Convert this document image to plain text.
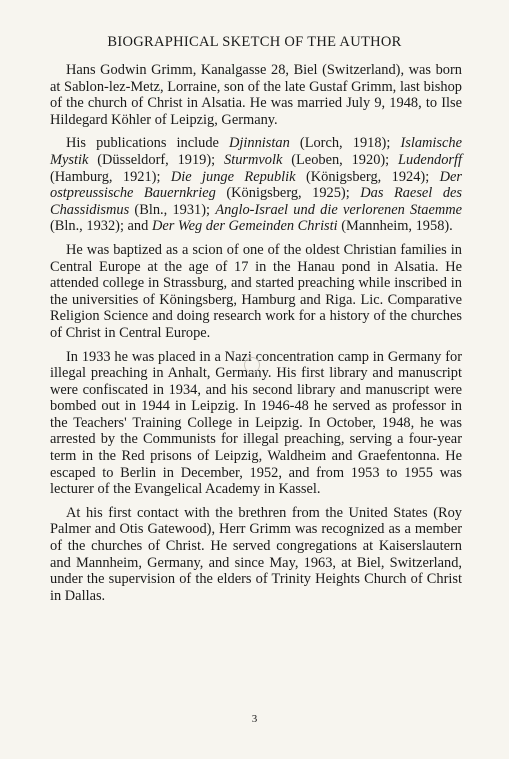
BIOGRAPHICAL SKETCH OF THE AUTHOR

Hans Godwin Grimm, Kanalgasse 28, Biel (Switzerland), was born at Sablon-lez-Metz, Lorraine, son of the late Gustaf Grimm, last bishop of the church of Christ in Alsatia. He was married July 9, 1948, to Ilse Hildegard Köhler of Leipzig, Germany.

His publications include Djinnistan (Lorch, 1918); Islamische Mystik (Düsseldorf, 1919); Sturmvolk (Leoben, 1920); Ludendorff (Hamburg, 1921); Die junge Republik (Königsberg, 1924); Der ostpreussische Bauernkrieg (Königsberg, 1925); Das Raesel des Chassidismus (Bln., 1931); Anglo-Israel und die verlorenen Staemme (Bln., 1932); and Der Weg der Gemeinden Christi (Mannheim, 1958).

He was baptized as a scion of one of the oldest Christian families in Central Europe at the age of 17 in the Hanau pond in Alsatia. He attended college in Strassburg, and started preaching while inscribed in the universities of Köningsberg, Hamburg and Riga. Lic. Comparative Religion Science and doing research work for a history of the churches of Christ in Central Europe.

In 1933 he was placed in a Nazi concentration camp in Germany for illegal preaching in Anhalt, Germany. His first library and manuscript were confiscated in 1934, and his second library and manuscript were bombed out in 1944 in Leipzig. In 1946-48 he served as professor in the Teachers' Training College in Leipzig. In October, 1948, he was arrested by the Communists for illegal preaching, serving a four-year term in the Red prisons of Leipzig, Waldheim and Graefentonna. He escaped to Berlin in December, 1952, and from 1953 to 1955 was lecturer of the Evangelical Academy in Kassel.

At his first contact with the brethren from the United States (Roy Palmer and Otis Gatewood), Herr Grimm was recognized as a member of the churches of Christ. He served congregations at Kaiserslautern and Mannheim, Germany, and since May, 1963, at Biel, Switzerland, under the supervision of the elders of Trinity Heights Church of Christ in Dallas.

3
